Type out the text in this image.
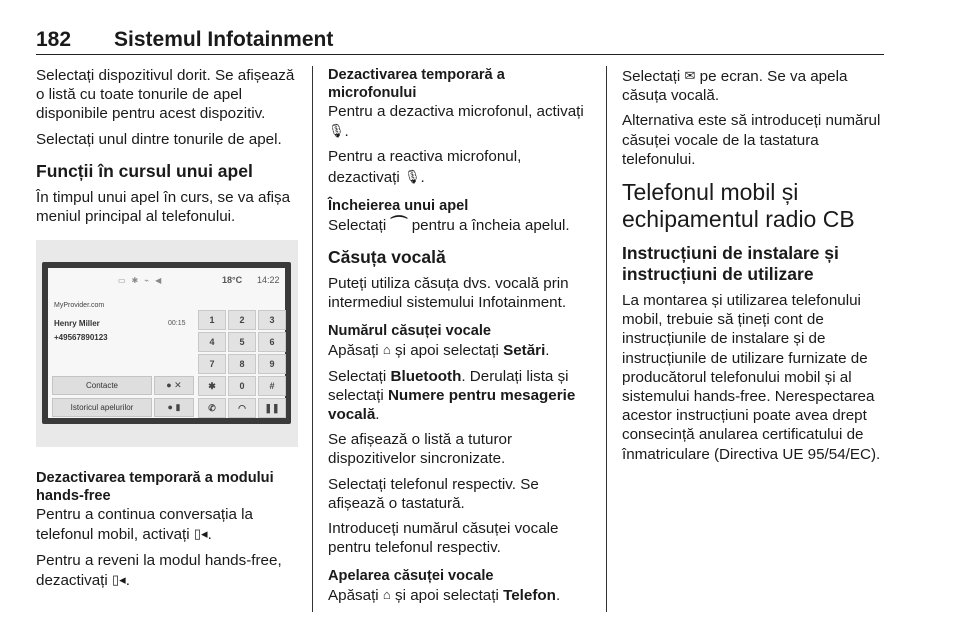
182 Sistemul Infotainment

Selectați dispozitivul dorit. Se afișează o listă cu toate tonurile de apel disponibile pentru acest dispozitiv.

Selectați unul dintre tonurile de apel.

Funcții în cursul unui apel

În timpul unui apel în curs, se va afișa meniul principal al telefonului.

▭✱⌁◀	18°C 14:22
MyProvider.com
Henry Miller
+49567890123
00:15	1	2	3
4	5	6
7	8	9
✱	0	#
✆	◠	❚❚
Contacte	● ✕
Istoricul apelurilor	● ▮
Dezactivarea temporară a modului hands-free

Pentru a continua conversația la telefonul mobil, activați ▯◂.

Pentru a reveni la modul hands-free, dezactivați ▯◂.

Dezactivarea temporară a microfonului

Pentru a dezactiva microfonul, activați 🎙︎.

Pentru a reactiva microfonul, dezactivați 🎙︎.

Încheierea unui apel

Selectați ⌒ pentru a încheia apelul.

Căsuța vocală

Puteți utiliza căsuța dvs. vocală prin intermediul sistemului Infotainment.

Numărul căsuței vocale

Apăsați ⌂ și apoi selectați Setări.

Selectați Bluetooth. Derulați lista și selectați Numere pentru mesagerie vocală.

Se afișează o listă a tuturor dispozitivelor sincronizate.

Selectați telefonul respectiv. Se afișează o tastatură.

Introduceți numărul căsuței vocale pentru telefonul respectiv.

Apelarea căsuței vocale

Apăsați ⌂ și apoi selectați Telefon.

Selectați ✉ pe ecran. Se va apela căsuța vocală.

Alternativa este să introduceți numărul căsuței vocale de la tastatura telefonului.

Telefonul mobil și echipamentul radio CB
Instrucțiuni de instalare și instrucțiuni de utilizare

La montarea și utilizarea telefonului mobil, trebuie să țineți cont de instrucțiunile de instalare și de instrucțiunile de utilizare furnizate de producătorul telefonului mobil și al sistemului hands-free. Nerespectarea acestor instrucțiuni poate avea drept consecință anularea certificatului de înmatriculare (Directiva UE 95/54/EC).
